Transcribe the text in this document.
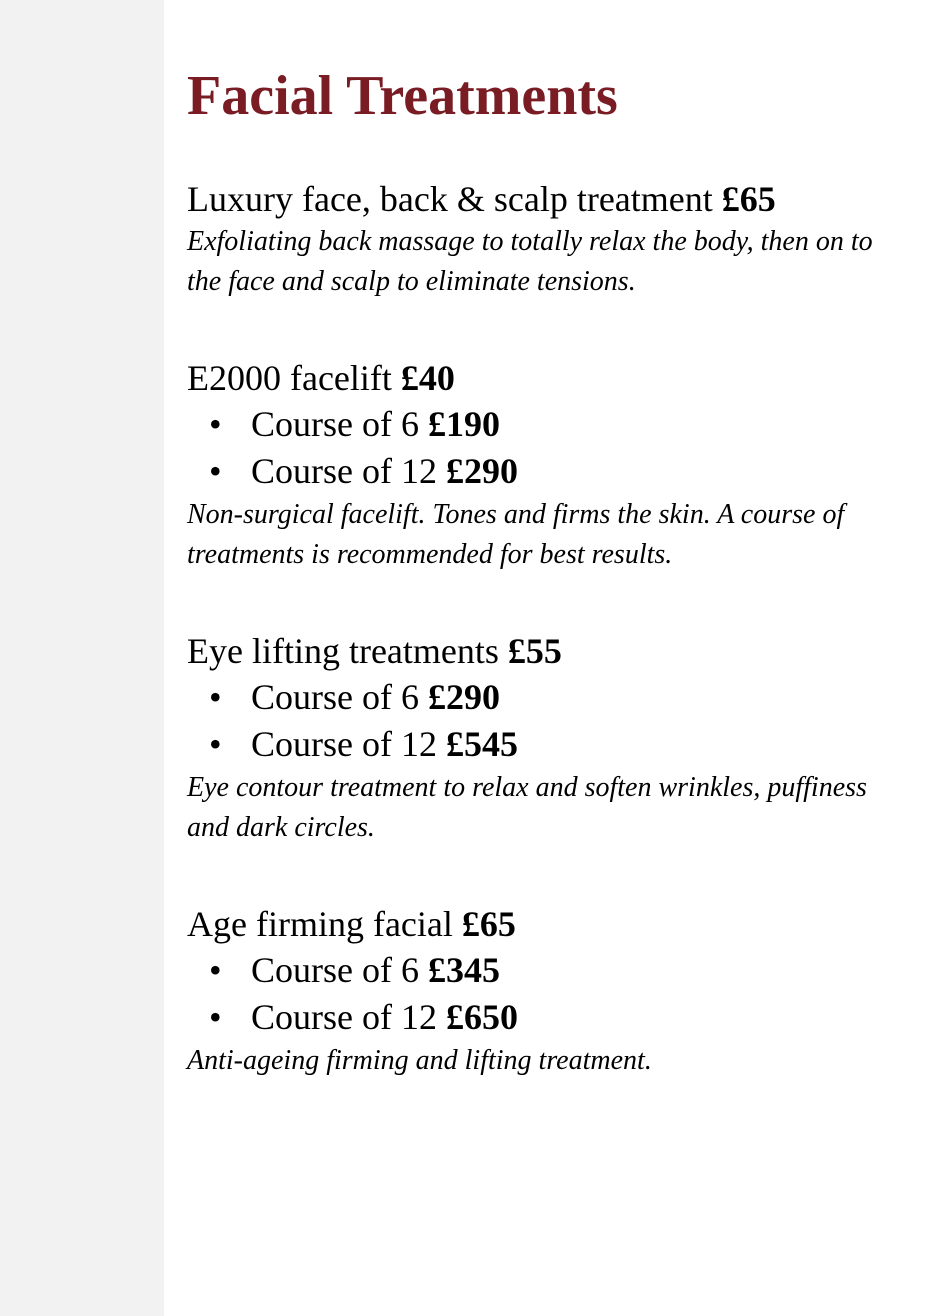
Facial Treatments
Luxury face, back & scalp treatment £65

Exfoliating back massage to totally relax the body, then on to the face and scalp to eliminate tensions.

E2000 facelift £40
• Course of 6 £190
• Course of 12 £290

Non-surgical facelift. Tones and firms the skin. A course of treatments is recommended for best results.

Eye lifting treatments £55
• Course of 6 £290
• Course of 12 £545

Eye contour treatment to relax and soften wrinkles, puffiness and dark circles.

Age firming facial £65
• Course of 6 £345
• Course of 12 £650

Anti-ageing firming and lifting treatment.
